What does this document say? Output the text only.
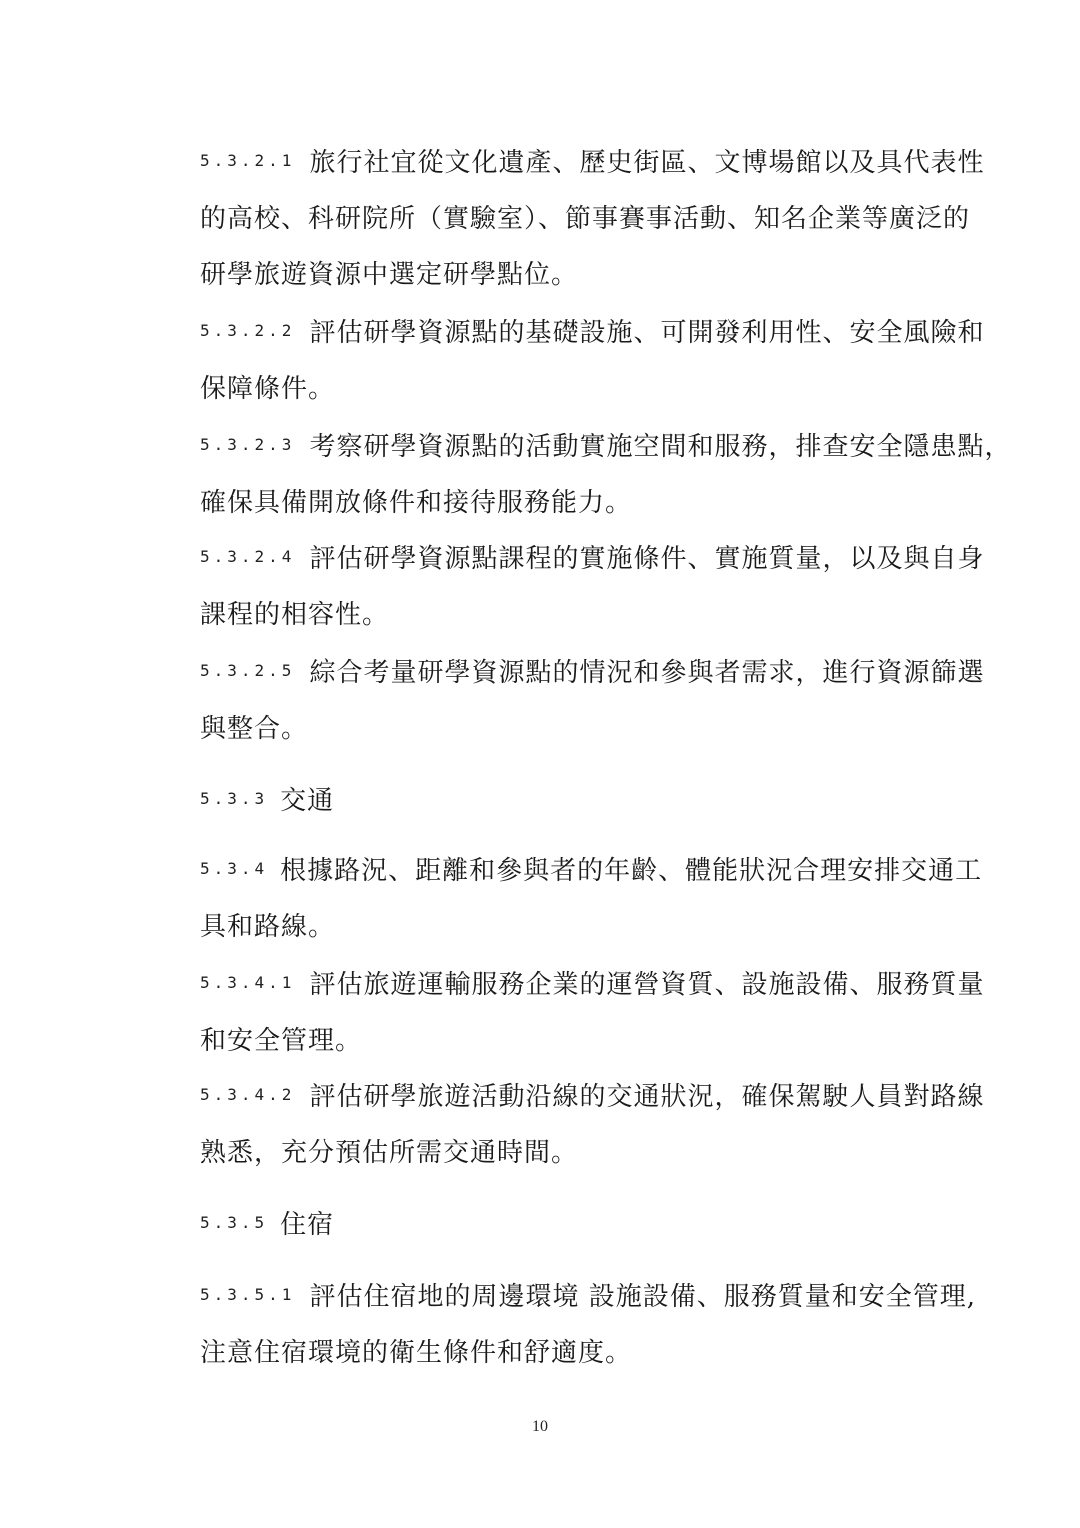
5.3.2.1 旅行社宜從文化遺產、歷史街區、文博場館以及具代表性
的高校、科研院所（實驗室）、節事賽事活動、知名企業等廣泛的
研學旅遊資源中選定研學點位。
5.3.2.2 評估研學資源點的基礎設施、可開發利用性、安全風險和
保障條件。
5.3.2.3 考察研學資源點的活動實施空間和服務，排查安全隱患點，
確保具備開放條件和接待服務能力。
5.3.2.4 評估研學資源點課程的實施條件、實施質量，以及與自身
課程的相容性。
5.3.2.5 綜合考量研學資源點的情況和參與者需求，進行資源篩選
與整合。
5.3.3 交通
5.3.4 根據路況、距離和參與者的年齡、體能狀況合理安排交通工
具和路線。
5.3.4.1 評估旅遊運輸服務企業的運營資質、設施設備、服務質量
和安全管理。
5.3.4.2 評估研學旅遊活動沿線的交通狀況，確保駕駛人員對路線
熟悉，充分預估所需交通時間。
5.3.5 住宿
5.3.5.1 評估住宿地的周邊環境 設施設備、服務質量和安全管理,
注意住宿環境的衛生條件和舒適度。
10
